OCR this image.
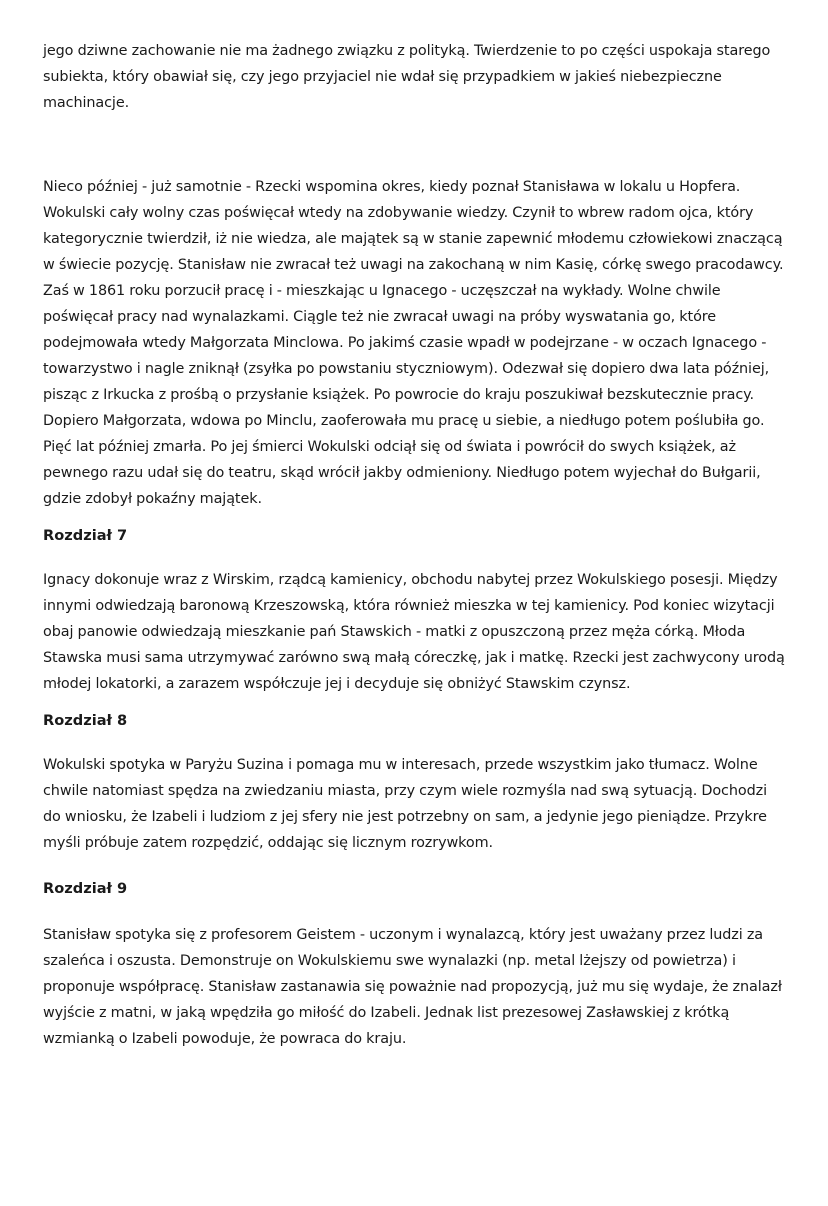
jego dziwne zachowanie nie ma żadnego związku z polityką. Twierdzenie to po części uspokaja starego subiekta, który obawiał się, czy jego przyjaciel nie wdał się przypadkiem w jakieś niebezpieczne machinacje.

Nieco później - już samotnie - Rzecki wspomina okres, kiedy poznał Stanisława w lokalu u Hopfera. Wokulski cały wolny czas poświęcał wtedy na zdobywanie wiedzy. Czynił to wbrew radom ojca, który kategorycznie twierdził, iż nie wiedza, ale majątek są w stanie zapewnić młodemu człowiekowi znaczącą w świecie pozycję. Stanisław nie zwracał też uwagi na zakochaną w nim Kasię, córkę swego pracodawcy. Zaś w 1861 roku porzucił pracę i - mieszkając u Ignacego - uczęszczał na wykłady. Wolne chwile poświęcał pracy nad wynalazkami. Ciągle też nie zwracał uwagi na próby wyswatania go, które podejmowała wtedy Małgorzata Minclowa. Po jakimś czasie wpadł w podejrzane - w oczach Ignacego - towarzystwo i nagle zniknął (zsyłka po powstaniu styczniowym). Odezwał się dopiero dwa lata później, pisząc z Irkucka z prośbą o przysłanie książek. Po powrocie do kraju poszukiwał bezskutecznie pracy. Dopiero Małgorzata, wdowa po Minclu, zaoferowała mu pracę u siebie, a niedługo potem poślubiła go. Pięć lat później zmarła. Po jej śmierci Wokulski odciął się od świata i powrócił do swych książek, aż pewnego razu udał się do teatru, skąd wrócił jakby odmieniony. Niedługo potem wyjechał do Bułgarii, gdzie zdobył pokaźny majątek.

Rozdział 7

Ignacy dokonuje wraz z Wirskim, rządcą kamienicy, obchodu nabytej przez Wokulskiego posesji. Między innymi odwiedzają baronową Krzeszowską, która również mieszka w tej kamienicy. Pod koniec wizytacji obaj panowie odwiedzają mieszkanie pań Stawskich - matki z opuszczoną przez męża córką. Młoda Stawska musi sama utrzymywać zarówno swą małą córeczkę, jak i matkę. Rzecki jest zachwycony urodą młodej lokatorki, a zarazem współczuje jej i decyduje się obniżyć Stawskim czynsz.

Rozdział 8

Wokulski spotyka w Paryżu Suzina i pomaga mu w interesach, przede wszystkim jako tłumacz. Wolne chwile natomiast spędza na zwiedzaniu miasta, przy czym wiele rozmyśla nad swą sytuacją. Dochodzi do wniosku, że Izabeli i ludziom z jej sfery nie jest potrzebny on sam, a jedynie jego pieniądze. Przykre myśli próbuje zatem rozpędzić, oddając się licznym rozrywkom.

Rozdział 9

Stanisław spotyka się z profesorem Geistem - uczonym i wynalazcą, który jest uważany przez ludzi za szaleńca i oszusta. Demonstruje on Wokulskiemu swe wynalazki (np. metal lżejszy od powietrza) i proponuje współpracę. Stanisław zastanawia się poważnie nad propozycją, już mu się wydaje, że znalazł wyjście z matni, w jaką wpędziła go miłość do Izabeli. Jednak list prezesowej Zasławskiej z krótką wzmianką o Izabeli powoduje, że powraca do kraju.
